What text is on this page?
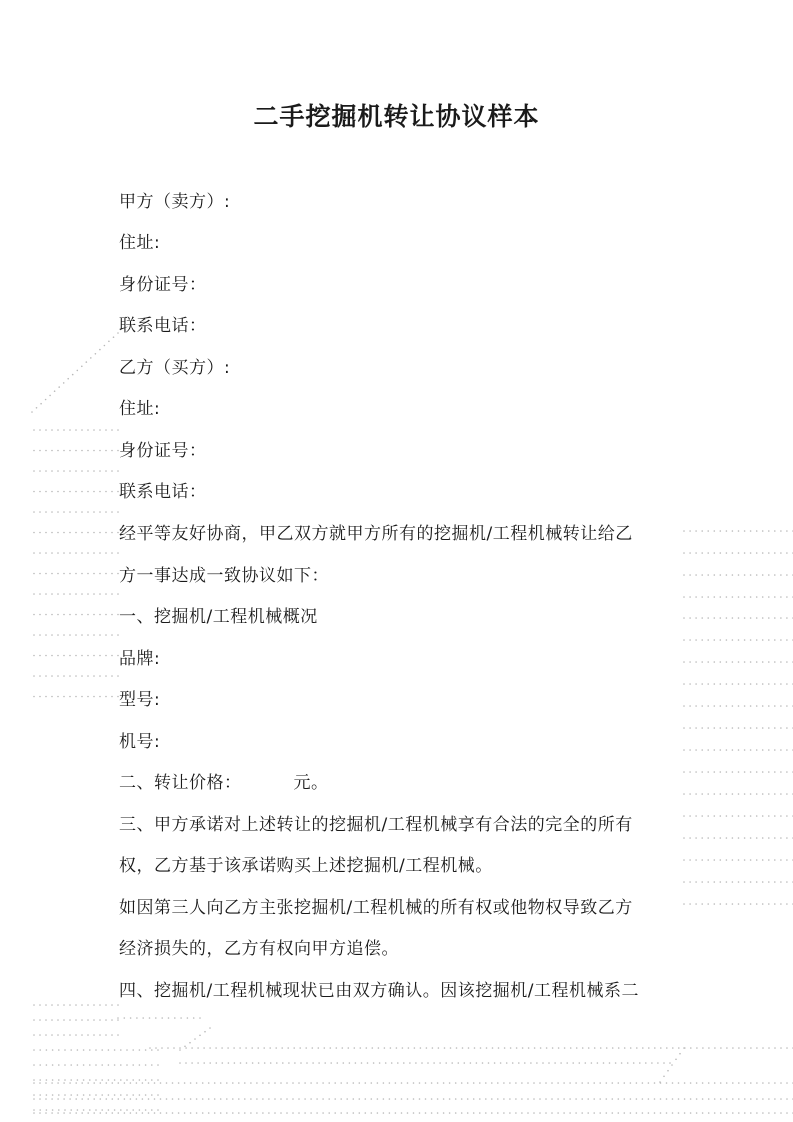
二手挖掘机转让协议样本
甲方（卖方）:
住址:
身份证号：
联系电话：
乙方（买方）:
住址:
身份证号：
联系电话：
经平等友好协商，甲乙双方就甲方所有的挖掘机/工程机械转让给乙
方一事达成一致协议如下：
一、挖掘机/工程机械概况
品牌:
型号:
机号:
二、转让价格：	元。
三、甲方承诺对上述转让的挖掘机/工程机械享有合法的完全的所有
权，乙方基于该承诺购买上述挖掘机/工程机械。
如因第三人向乙方主张挖掘机/工程机械的所有权或他物权导致乙方
经济损失的，乙方有权向甲方追偿。
四、挖掘机/工程机械现状已由双方确认。因该挖掘机/工程机械系二
